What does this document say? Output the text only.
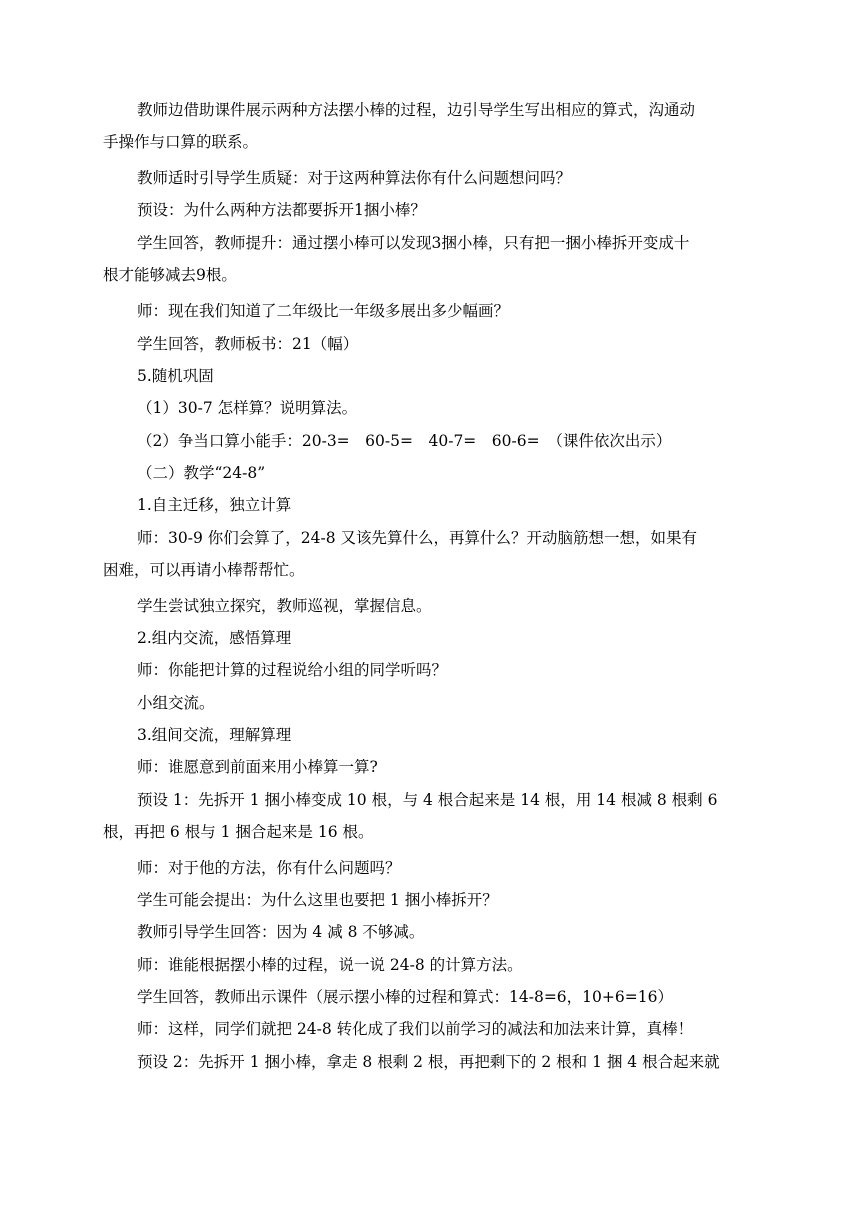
教师边借助课件展示两种方法摆小棒的过程，边引导学生写出相应的算式，沟通动
手操作与口算的联系。
教师适时引导学生质疑：对于这两种算法你有什么问题想问吗？
预设：为什么两种方法都要拆开1捆小棒？
学生回答，教师提升：通过摆小棒可以发现3捆小棒，只有把一捆小棒拆开变成十
根才能够减去9根。
师：现在我们知道了二年级比一年级多展出多少幅画？
学生回答，教师板书：21（幅）
5.随机巩固
（1）30-7 怎样算？说明算法。
（2）争当口算小能手：20-3=　60-5=　40-7=　60-6=　（课件依次出示）
（二）教学“24-8”
1.自主迁移，独立计算
师：30-9 你们会算了，24-8 又该先算什么，再算什么？开动脑筋想一想，如果有
困难，可以再请小棒帮帮忙。
学生尝试独立探究，教师巡视，掌握信息。
2.组内交流，感悟算理
师：你能把计算的过程说给小组的同学听吗？
小组交流。
3.组间交流，理解算理
师：谁愿意到前面来用小棒算一算?
预设 1：先拆开 1 捆小棒变成 10 根，与 4 根合起来是 14 根，用 14 根减 8 根剩 6
根，再把 6 根与 1 捆合起来是 16 根。
师：对于他的方法，你有什么问题吗？
学生可能会提出：为什么这里也要把 1 捆小棒拆开？
教师引导学生回答：因为 4 减 8 不够减。
师：谁能根据摆小棒的过程，说一说 24-8 的计算方法。
学生回答，教师出示课件（展示摆小棒的过程和算式：14-8=6，10+6=16）
师：这样，同学们就把 24-8 转化成了我们以前学习的减法和加法来计算，真棒！
预设 2：先拆开 1 捆小棒，拿走 8 根剩 2 根，再把剩下的 2 根和 1 捆 4 根合起来就
